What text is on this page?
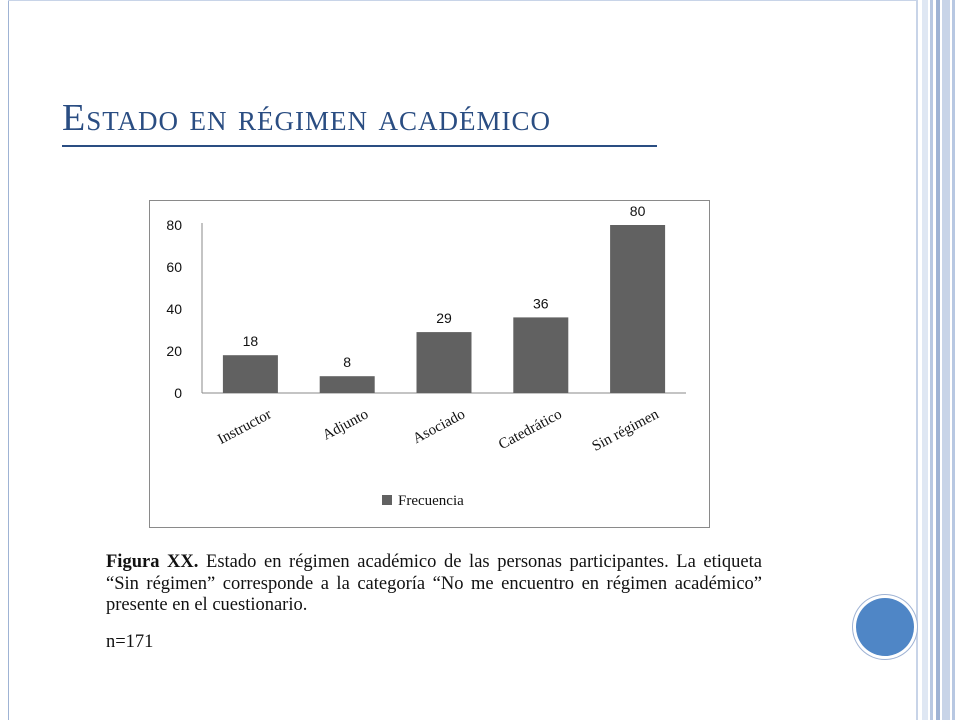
Estado en régimen académico
0
20
40
60
80
18
Instructor
8
Adjunto
29
Asociado
36
Catedrático
80
Sin régimen
Frecuencia

Figura XX. Estado en régimen académico de las personas participantes. La etiqueta “Sin régimen” corresponde a la categoría “No me encuentro en régimen académico” presente en el cuestionario.

n=171
